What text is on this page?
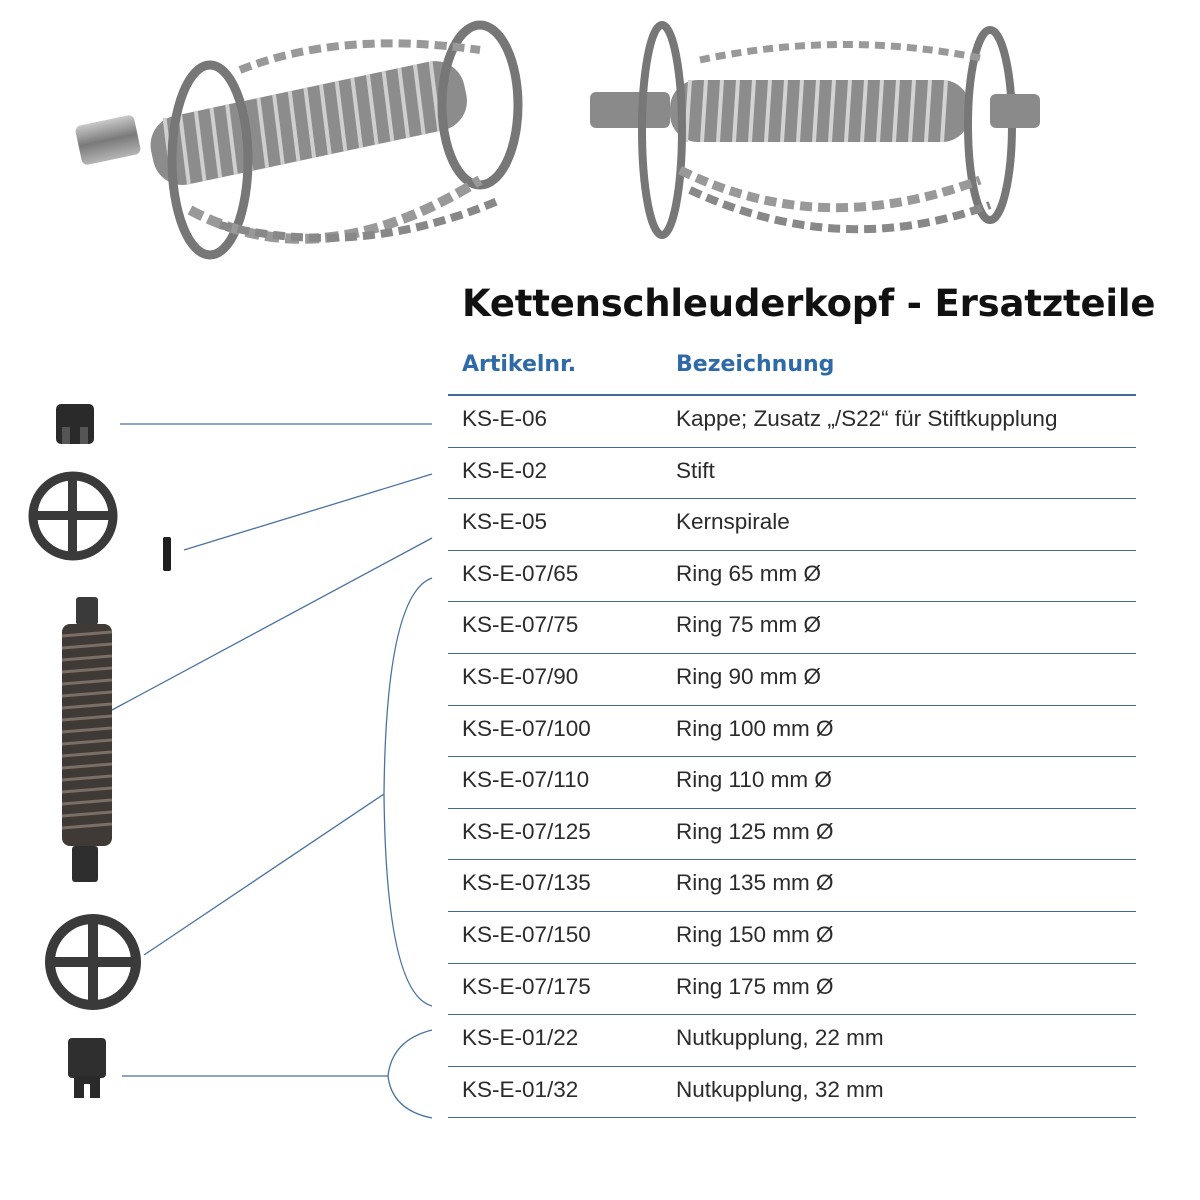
Kettenschleuderkopf - Ersatzteile
Artikelnr.	Bezeichnung
KS-E-06	Kappe; Zusatz „/S22“ für Stiftkupplung
KS-E-02	Stift
KS-E-05	Kernspirale
KS-E-07/65	Ring 65 mm Ø
KS-E-07/75	Ring 75 mm Ø
KS-E-07/90	Ring 90 mm Ø
KS-E-07/100	Ring 100 mm Ø
KS-E-07/110	Ring 110 mm Ø
KS-E-07/125	Ring 125 mm Ø
KS-E-07/135	Ring 135 mm Ø
KS-E-07/150	Ring 150 mm Ø
KS-E-07/175	Ring 175 mm Ø
KS-E-01/22	Nutkupplung, 22 mm
KS-E-01/32	Nutkupplung, 32 mm
